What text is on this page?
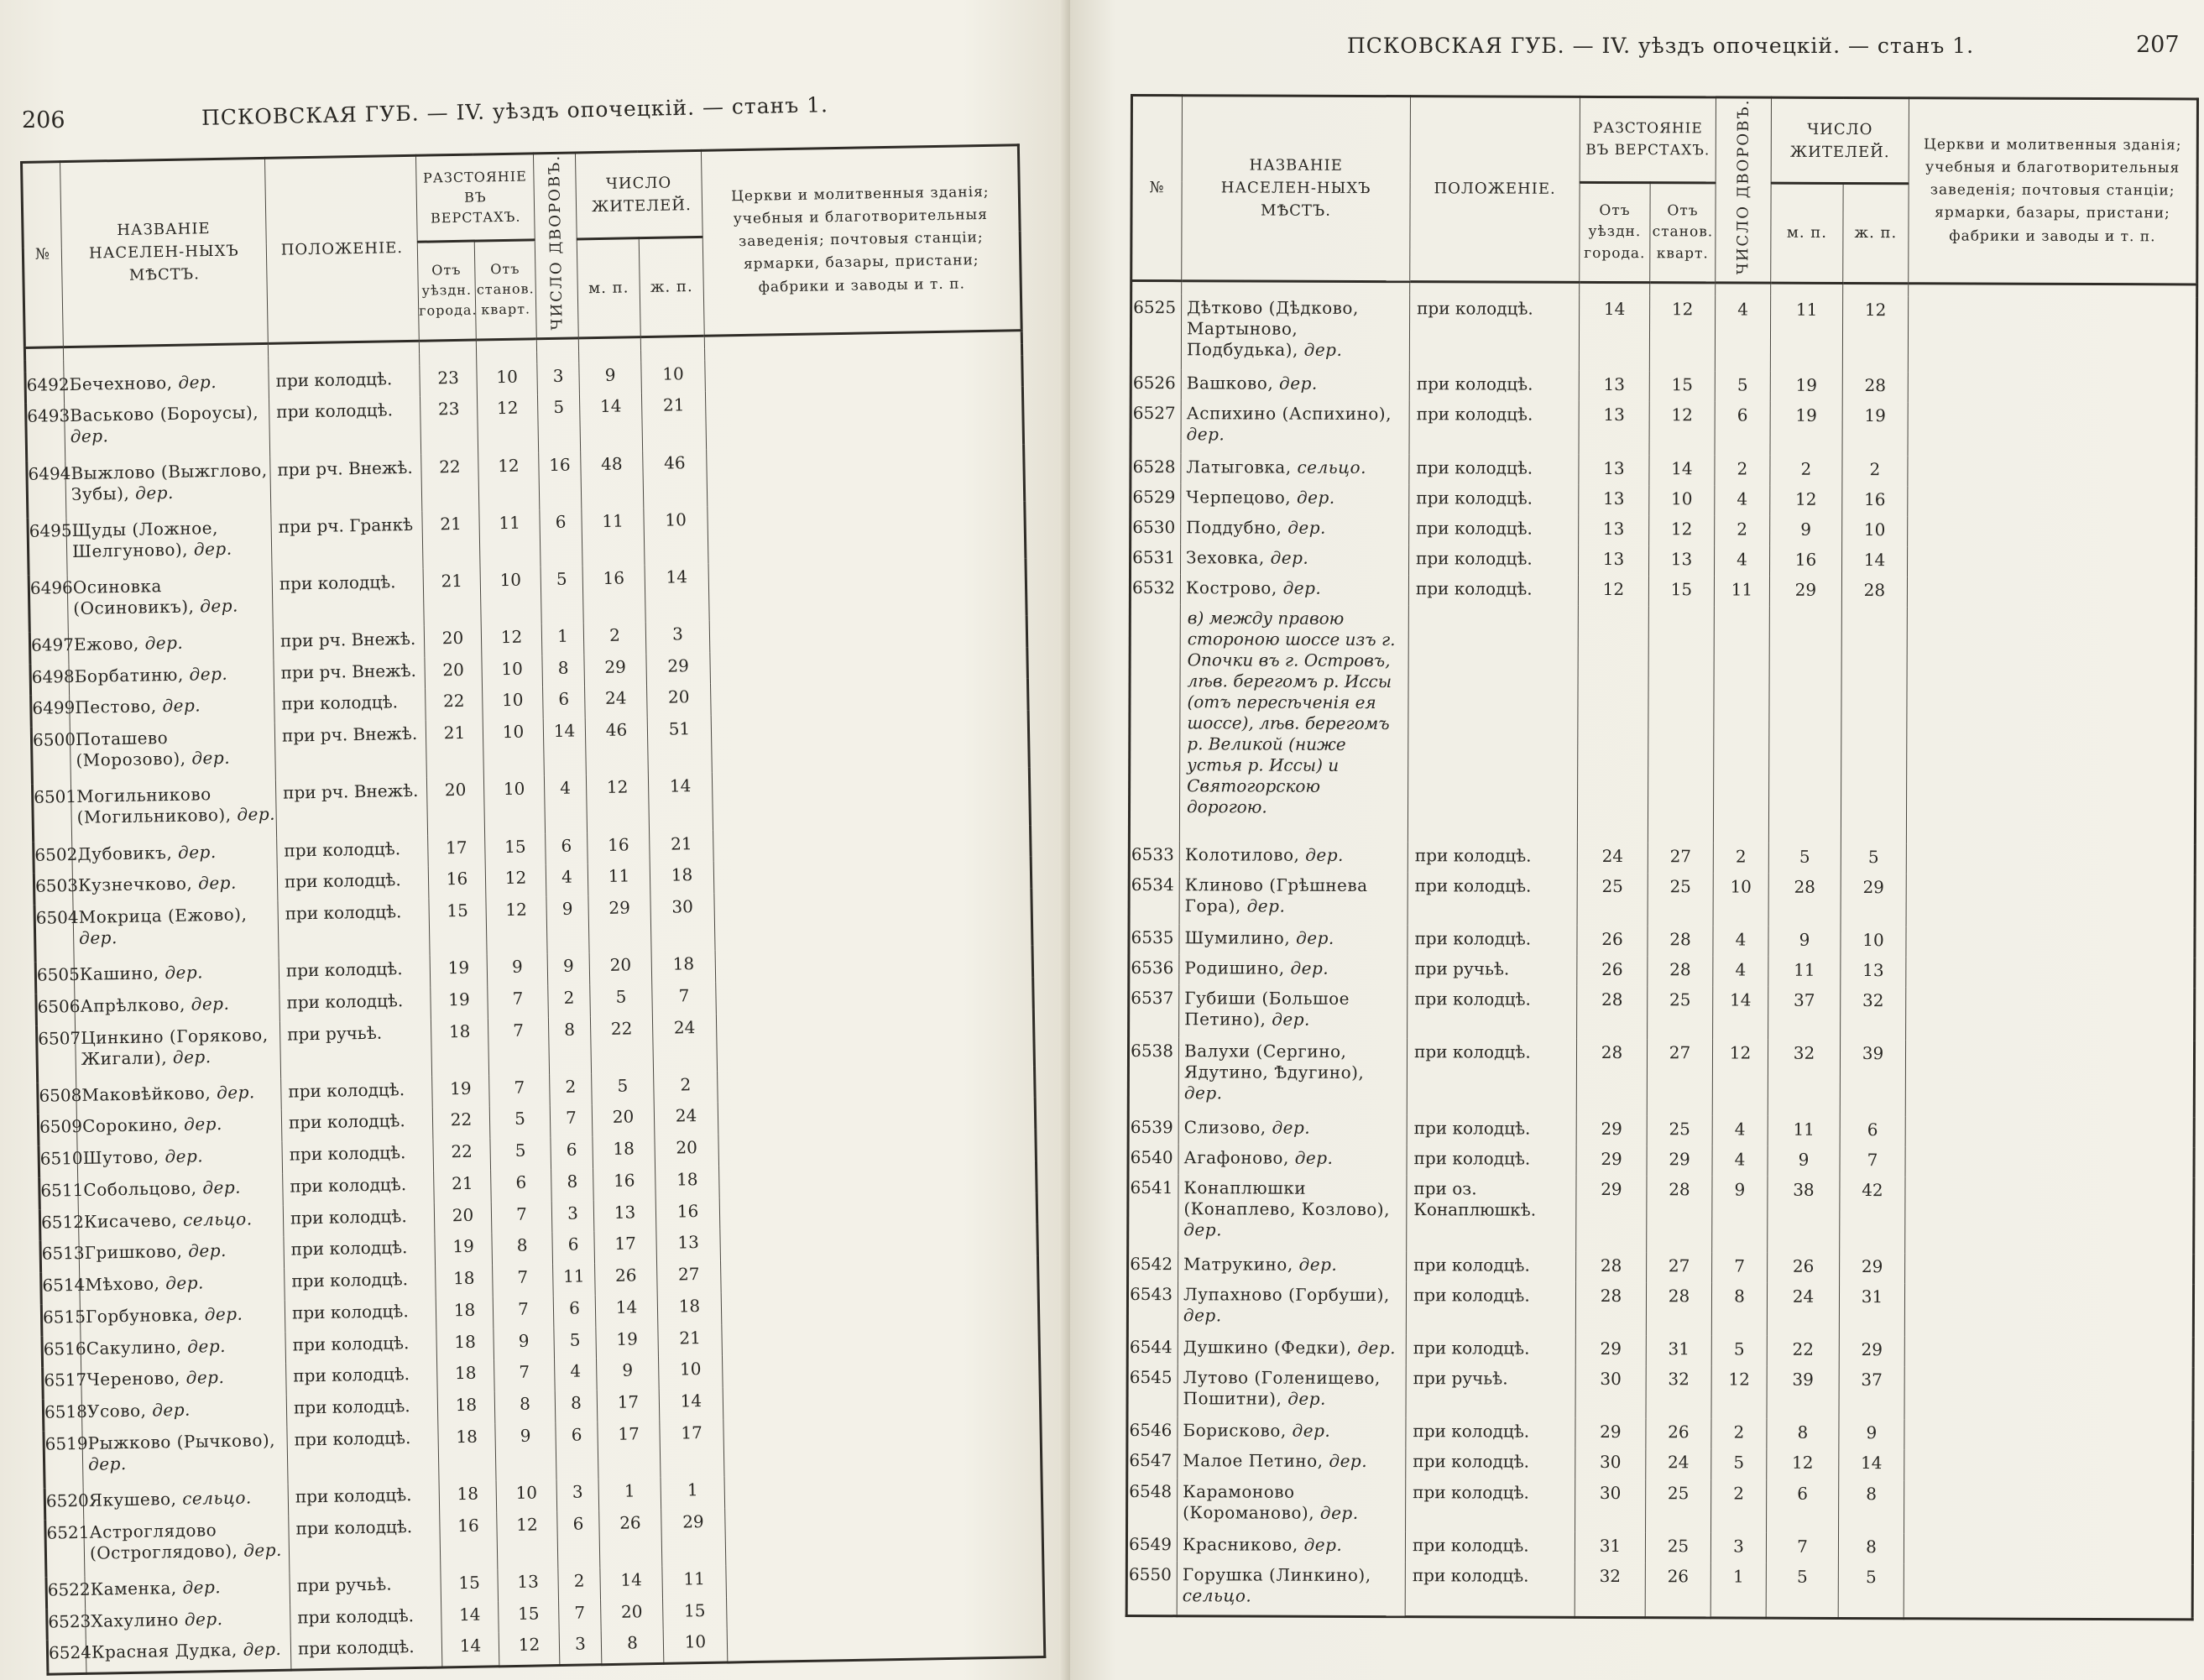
206	ПСКОВСКАЯ ГУБ. — IV. уѣздъ опочецкій. — станъ 1.
№	НАЗВАНІЕ НАСЕЛЕН-НЫХЪ МѢСТЪ.	ПОЛОЖЕНІЕ.	РАЗСТОЯНІЕ ВЪ ВЕРСТАХЪ.		ЧИСЛО ДВОРОВЪ.	ЧИСЛО ЖИТЕЛЕЙ.		Церкви и молитвенныя зданія; учебныя и благотворительныя заведенія; почтовыя станціи; ярмарки, базары, пристани; фабрики и заводы и т. п.
			Отъ уѣздн. города.	Отъ станов. кварт.		м. п.	ж. п.	

6492	Бечехново, дер.	при колодцѣ.	23	10	3	9	10	
6493	Васьково (Бороусы), дер.	при колодцѣ.	23	12	5	14	21	
6494	Выжлово (Выжглово, Зубы), дер.	при рч. Внежѣ.	22	12	16	48	46	
6495	Щуды (Ложное, Шелгуново), дер.	при рч. Гранкѣ	21	11	6	11	10	
6496	Осиновка (Осиновикъ), дер.	при колодцѣ.	21	10	5	16	14	
6497	Ежово, дер.	при рч. Внежѣ.	20	12	1	2	3	
6498	Борбатиню, дер.	при рч. Внежѣ.	20	10	8	29	29	
6499	Пестово, дер.	при колодцѣ.	22	10	6	24	20	
6500	Поташево (Морозово), дер.	при рч. Внежѣ.	21	10	14	46	51	
6501	Могильниково (Могильниково), дер.	при рч. Внежѣ.	20	10	4	12	14	
6502	Дубовикъ, дер.	при колодцѣ.	17	15	6	16	21	
6503	Кузнечково, дер.	при колодцѣ.	16	12	4	11	18	
6504	Мокрица (Ежово), дер.	при колодцѣ.	15	12	9	29	30	
6505	Кашино, дер.	при колодцѣ.	19	9	9	20	18	
6506	Апрѣлково, дер.	при колодцѣ.	19	7	2	5	7	
6507	Цинкино (Горяково, Жигали), дер.	при ручьѣ.	18	7	8	22	24	
6508	Маковѣйково, дер.	при колодцѣ.	19	7	2	5	2	
6509	Сорокино, дер.	при колодцѣ.	22	5	7	20	24	
6510	Шутово, дер.	при колодцѣ.	22	5	6	18	20	
6511	Собольцово, дер.	при колодцѣ.	21	6	8	16	18	
6512	Кисачево, сельцо.	при колодцѣ.	20	7	3	13	16	
6513	Гришково, дер.	при колодцѣ.	19	8	6	17	13	
6514	Мѣхово, дер.	при колодцѣ.	18	7	11	26	27	
6515	Горбуновка, дер.	при колодцѣ.	18	7	6	14	18	
6516	Сакулино, дер.	при колодцѣ.	18	9	5	19	21	
6517	Череново, дер.	при колодцѣ.	18	7	4	9	10	
6518	Усово, дер.	при колодцѣ.	18	8	8	17	14	
6519	Рыжково (Рычково), дер.	при колодцѣ.	18	9	6	17	17	
6520	Якушево, сельцо.	при колодцѣ.	18	10	3	1	1	
6521	Астроглядово (Остроглядово), дер.	при колодцѣ.	16	12	6	26	29	
6522	Каменка, дер.	при ручьѣ.	15	13	2	14	11	
6523	Хахулино дер.	при колодцѣ.	14	15	7	20	15	
6524	Красная Дудка, дер.	при колодцѣ.	14	12	3	8	10	

ПСКОВСКАЯ ГУБ. — IV. уѣздъ опочецкій. — станъ 1.	207
№	НАЗВАНІЕ НАСЕЛЕН-НЫХЪ МѢСТЪ.	ПОЛОЖЕНІЕ.	РАЗСТОЯНІЕ ВЪ ВЕРСТАХЪ.		ЧИСЛО ДВОРОВЪ.	ЧИСЛО ЖИТЕЛЕЙ.		Церкви и молитвенныя зданія; учебныя и благотворительныя заведенія; почтовыя станціи; ярмарки, базары, пристани; фабрики и заводы и т. п.
			Отъ уѣздн. города.	Отъ станов. кварт.		м. п.	ж. п.	

6525	Дѣтково (Дѣдково, Мартыново, Подбудька), дер.	при колодцѣ.	14	12	4	11	12	
6526	Вашково, дер.	при колодцѣ.	13	15	5	19	28	
6527	Аспихино (Аспихино), дер.	при колодцѣ.	13	12	6	19	19	
6528	Латыговка, сельцо.	при колодцѣ.	13	14	2	2	2	
6529	Черпецово, дер.	при колодцѣ.	13	10	4	12	16	
6530	Поддубно, дер.	при колодцѣ.	13	12	2	9	10	
6531	Зеховка, дер.	при колодцѣ.	13	13	4	16	14	
6532	Кострово, дер.	при колодцѣ.	12	15	11	29	28	
	в) между правою стороною шоссе изъ г. Опочки въ г. Островъ, лѣв. берегомъ р. Иссы (отъ пересѣченія ея шоссе), лѣв. берегомъ р. Великой (ниже устья р. Иссы) и Святогорскою дорогою.							
6533	Колотилово, дер.	при колодцѣ.	24	27	2	5	5	
6534	Клиново (Грѣшнева Гора), дер.	при колодцѣ.	25	25	10	28	29	
6535	Шумилино, дер.	при колодцѣ.	26	28	4	9	10	
6536	Родишино, дер.	при ручьѣ.	26	28	4	11	13	
6537	Губиши (Большое Петино), дер.	при колодцѣ.	28	25	14	37	32	
6538	Валухи (Сергино, Ядутино, Ѣдугино), дер.	при колодцѣ.	28	27	12	32	39	
6539	Слизово, дер.	при колодцѣ.	29	25	4	11	6	
6540	Агафоново, дер.	при колодцѣ.	29	29	4	9	7	
6541	Конаплюшки (Конаплево, Козлово), дер.	при оз. Конаплюшкѣ.	29	28	9	38	42	
6542	Матрукино, дер.	при колодцѣ.	28	27	7	26	29	
6543	Лупахново (Горбуши), дер.	при колодцѣ.	28	28	8	24	31	
6544	Душкино (Федки), дер.	при колодцѣ.	29	31	5	22	29	
6545	Лутово (Голенищево, Пошитни), дер.	при ручьѣ.	30	32	12	39	37	
6546	Борисково, дер.	при колодцѣ.	29	26	2	8	9	
6547	Малое Петино, дер.	при колодцѣ.	30	24	5	12	14	
6548	Карамоново (Коромановo), дер.	при колодцѣ.	30	25	2	6	8	
6549	Красниково, дер.	при колодцѣ.	31	25	3	7	8	
6550	Горушка (Линкино), сельцо.	при колодцѣ.	32	26	1	5	5	
